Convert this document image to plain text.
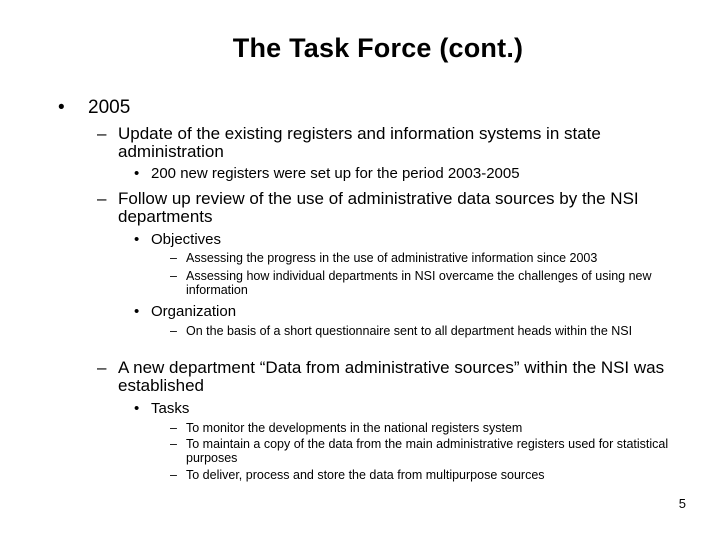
The Task Force (cont.)
•	2005
– Update of the existing registers and information systems in state administration
• 200 new registers were set up for the period 2003-2005
– Follow up review of the use of administrative data sources by the NSI departments
• Objectives
– Assessing the progress in the use of administrative information since 2003
– Assessing how individual departments in NSI overcame the challenges of using new information
• Organization
– On the basis of a short questionnaire sent to all department heads within the NSI
– A new department “Data from administrative sources” within the NSI was established
• Tasks
– To monitor the developments in the national registers system
– To maintain a copy of the data from the main administrative registers used for statistical purposes
– To deliver, process and store the data from multipurpose sources
5
